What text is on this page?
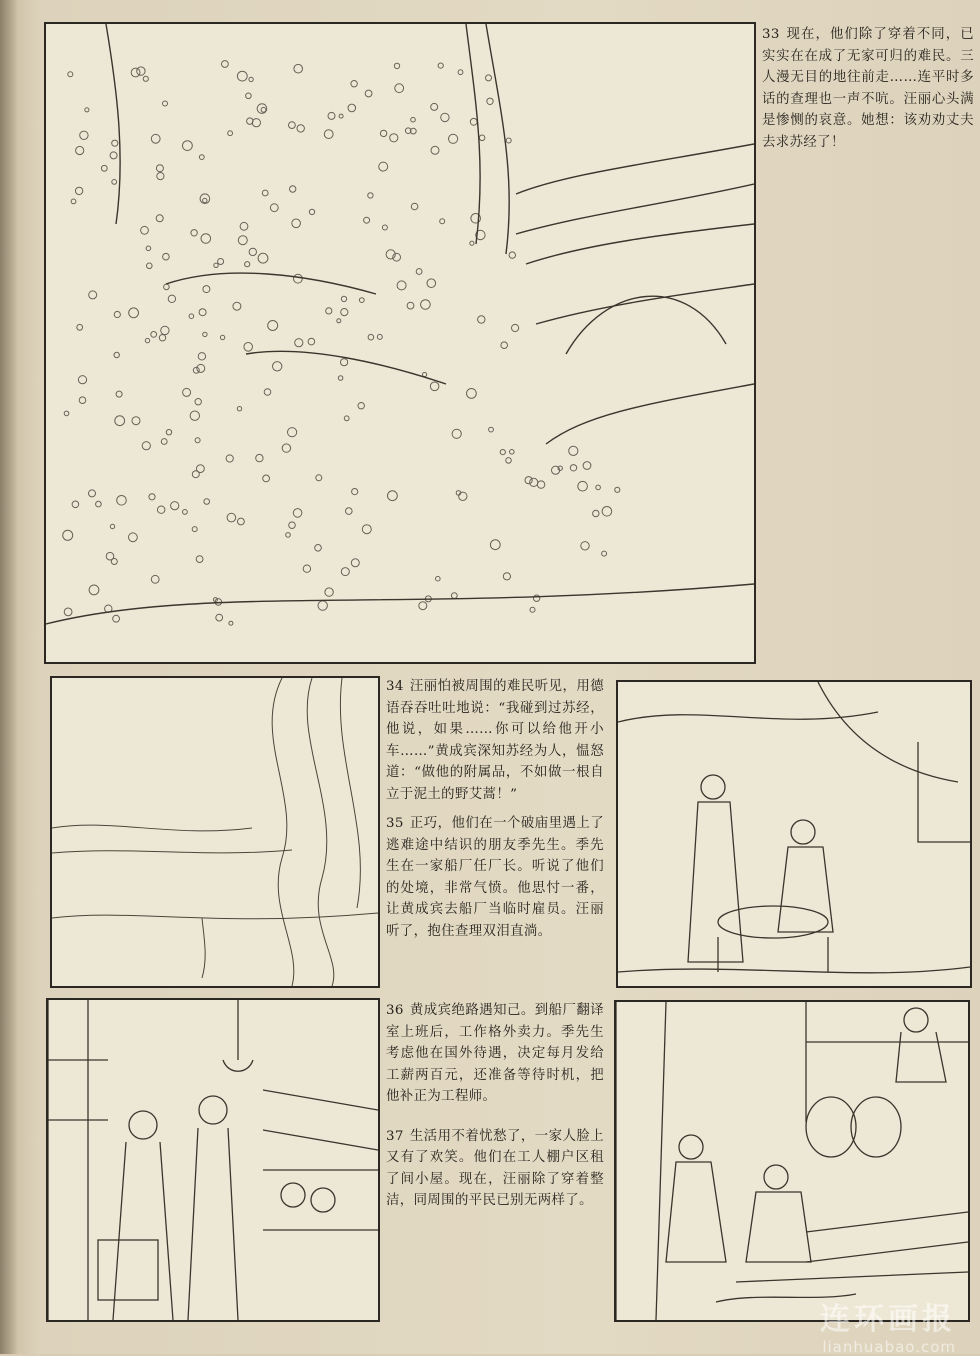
33 现在，他们除了穿着不同，已实实在在成了无家可归的难民。三人漫无目的地往前走……连平时多话的查理也一声不吭。汪丽心头满是惨恻的哀意。她想：该劝劝丈夫去求苏经了！

34 汪丽怕被周围的难民听见，用德语吞吞吐吐地说：“我碰到过苏经，他说，如果……你可以给他开小车……”黄成宾深知苏经为人，愠怒道：“做他的附属品，不如做一根自立于泥土的野艾蒿！”

35 正巧，他们在一个破庙里遇上了逃难途中结识的朋友季先生。季先生在一家船厂任厂长。听说了他们的处境，非常气愤。他思忖一番，让黄成宾去船厂当临时雇员。汪丽听了，抱住查理双泪直淌。

36 黄成宾绝路遇知己。到船厂翻译室上班后，工作格外卖力。季先生考虑他在国外待遇，决定每月发给工薪两百元，还准备等待时机，把他补正为工程师。

37 生活用不着忧愁了，一家人脸上又有了欢笑。他们在工人棚户区租了间小屋。现在，汪丽除了穿着整洁，同周围的平民已别无两样了。

连环画报
lianhuabao.com
